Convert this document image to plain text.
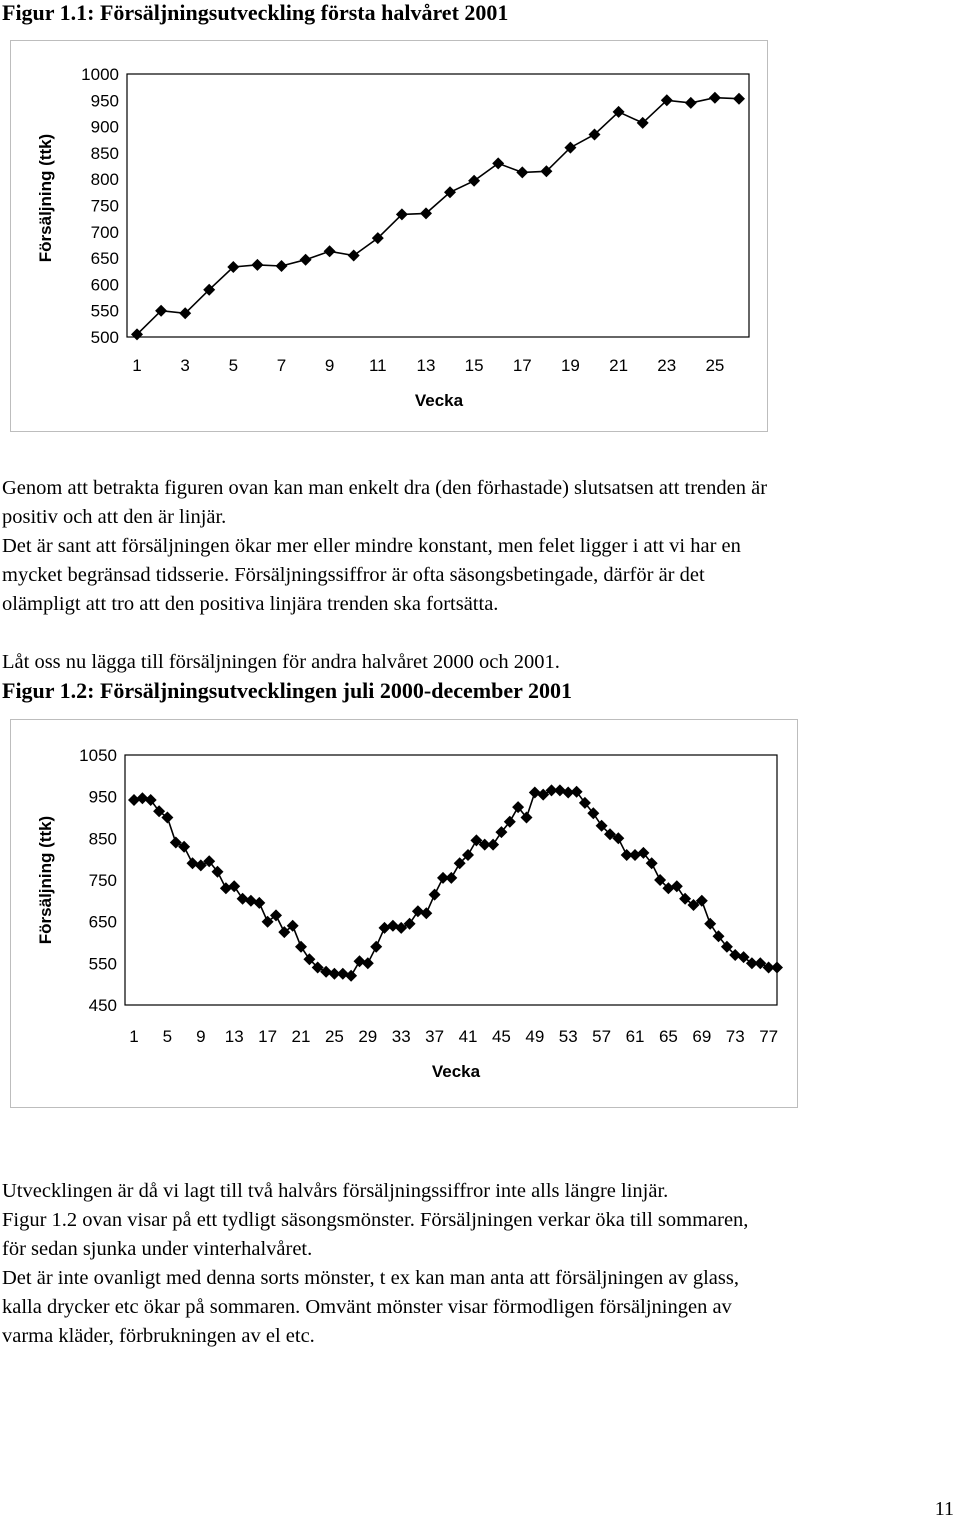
Figur 1.1: Försäljningsutveckling första halvåret 2001
500
550
600
650
700
750
800
850
900
950
1000
1 3 5 7 9 11 13 15 17 19 21 23 25
Vecka
Försäljning (ttk)
Genom att betrakta figuren ovan kan man enkelt dra (den förhastade) slutsatsen att trenden är
positiv och att den är linjär.
Det är sant att försäljningen ökar mer eller mindre konstant, men felet ligger i att vi har en
mycket begränsad tidsserie. Försäljningssiffror är ofta säsongsbetingade, därför är det
olämpligt att tro att den positiva linjära trenden ska fortsätta.
Låt oss nu lägga till försäljningen för andra halvåret 2000 och 2001.
Figur 1.2: Försäljningsutvecklingen juli 2000-december 2001
450
550
650
750
850
950
1050
1 5 9 13 17 21 25 29 33 37 41 45 49 53 57 61 65 69 73 77
Vecka
Försäljning (ttk)
Utvecklingen är då vi lagt till två halvårs försäljningssiffror inte alls längre linjär.
Figur 1.2 ovan visar på ett tydligt säsongsmönster. Försäljningen verkar öka till sommaren,
för sedan sjunka under vinterhalvåret.
Det är inte ovanligt med denna sorts mönster, t ex kan man anta att försäljningen av glass,
kalla drycker etc ökar på sommaren. Omvänt mönster visar förmodligen försäljningen av
varma kläder, förbrukningen av el etc.
11
